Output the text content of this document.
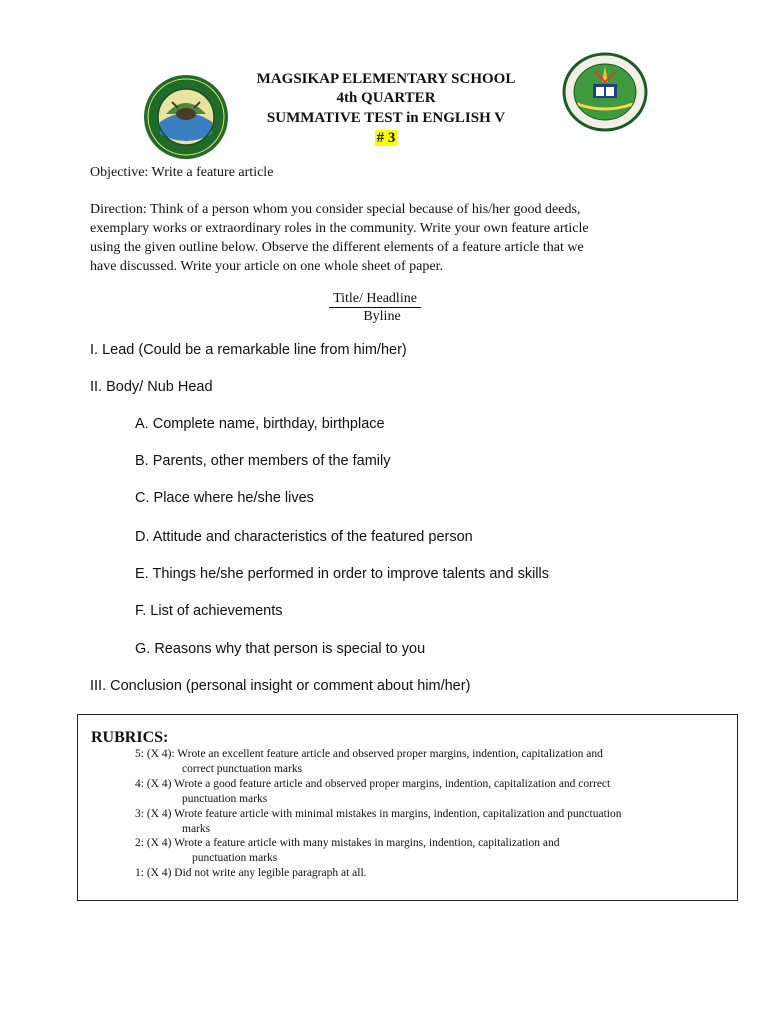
MAGSIKAP ELEMENTARY SCHOOL
4th QUARTER
SUMMATIVE TEST in ENGLISH V
# 3
Objective: Write a feature article
Direction: Think of a person whom you consider special because of his/her good deeds,
exemplary works or extraordinary roles in the community. Write your own feature article
using the given outline below. Observe the different elements of a feature article that we
have discussed. Write your article on one whole sheet of paper.
Title/ Headline
Byline
I. Lead (Could be a remarkable line from him/her)
II. Body/ Nub Head
A. Complete name, birthday, birthplace
B. Parents, other members of the family
C. Place where he/she lives
D. Attitude and characteristics of the featured person
E. Things he/she performed in order to improve talents and skills
F. List of achievements
G. Reasons why that person is special to you
III. Conclusion (personal insight or comment about him/her)
RUBRICS:
5: (X 4): Wrote an excellent feature article and observed proper margins, indention, capitalization and
correct punctuation marks
4: (X 4) Wrote a good feature article and observed proper margins, indention, capitalization and correct
punctuation marks
3: (X 4) Wrote feature article with minimal mistakes in margins, indention, capitalization and punctuation
marks
2: (X 4) Wrote a feature article with many mistakes in margins, indention, capitalization and
punctuation marks
1: (X 4) Did not write any legible paragraph at all.
